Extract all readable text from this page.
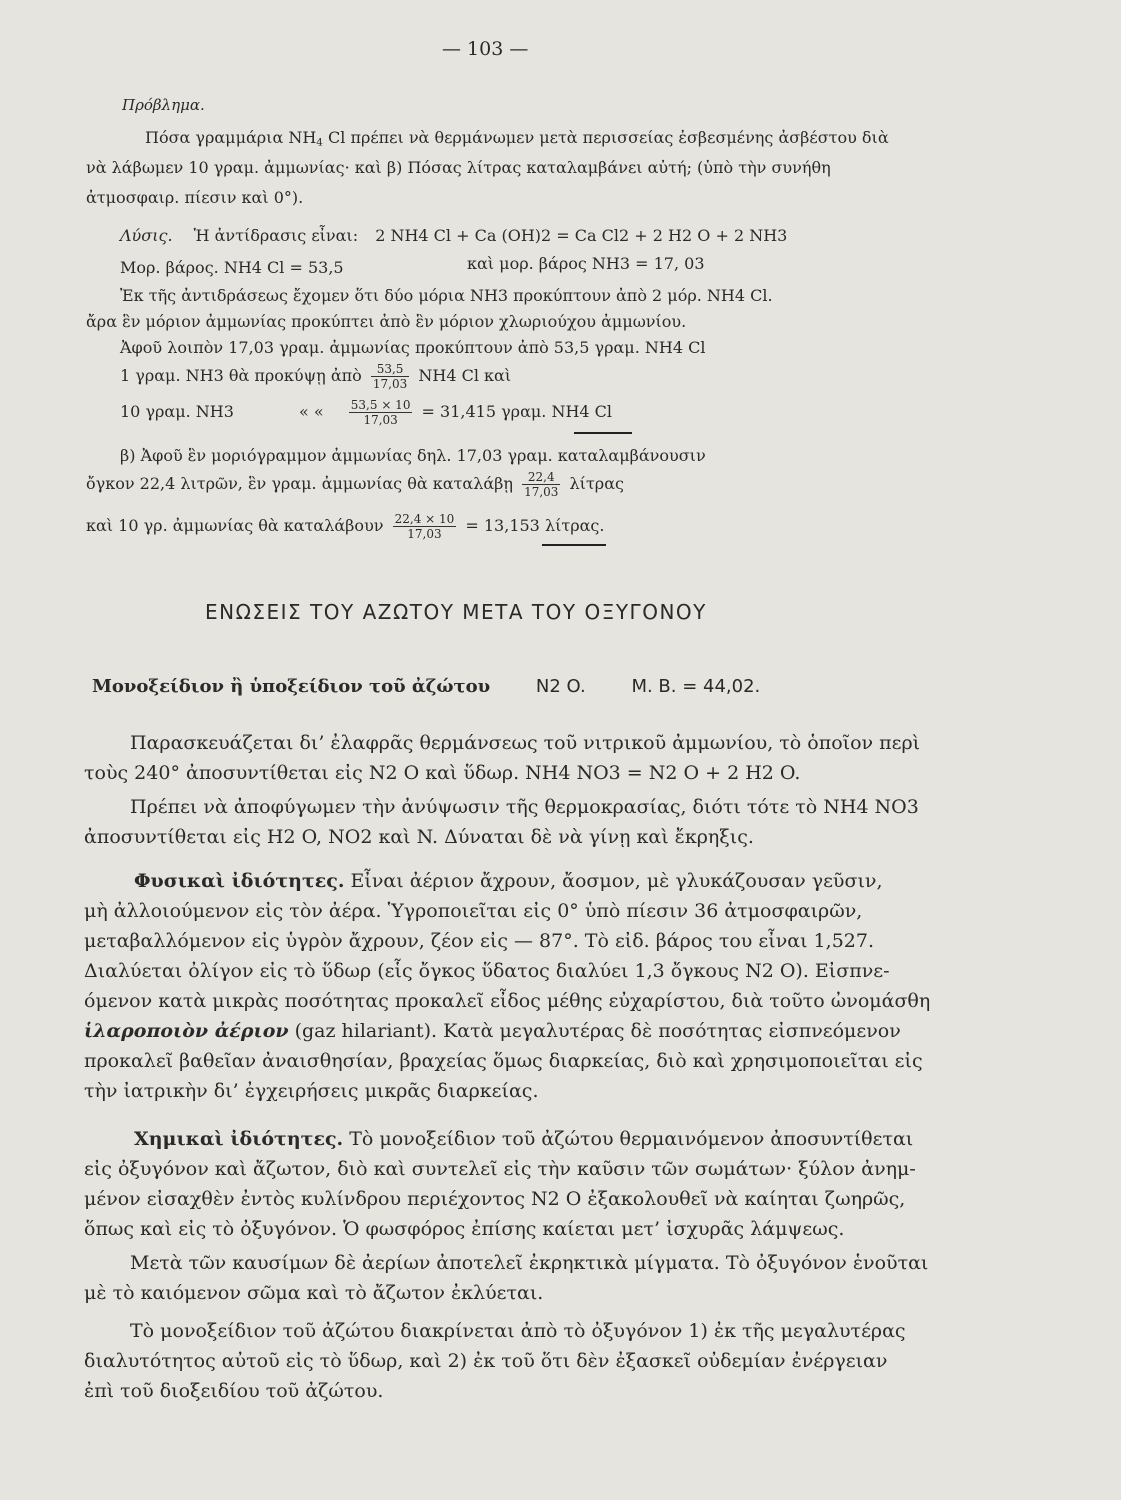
— 103 —
Πρόβλημα.
Πόσα γραμμάρια $NH_4$ Cl πρέπει νὰ θερμάνωμεν μετὰ περισσείας ἐσβεσμένης ἀσβέστου διὰ
νὰ λάβωμεν 10 γραμ. ἀμμωνίας· καὶ β) Πόσας λίτρας καταλαμβάνει αὐτή; (ὑπὸ τὴν συνήθη
ἀτμοσφαιρ. πίεσιν καὶ 0°).
Λύσις. Ἡ ἀντίδρασις εἶναι: 2 NH4 Cl + Ca (OH)2 = Ca Cl2 + 2 H2 O + 2 NH3
Μορ. βάρος. NH4 Cl = 53,5	καὶ μορ. βάρος NH3 = 17, 03
Ἐκ τῆς ἀντιδράσεως ἔχομεν ὅτι δύο μόρια NH3 προκύπτουν ἀπὸ 2 μόρ. NH4 Cl.
ἄρα ἓν μόριον ἀμμωνίας προκύπτει ἀπὸ ἓν μόριον χλωριούχου ἀμμωνίου.
Ἀφοῦ λοιπὸν 17,03 γραμ. ἀμμωνίας προκύπτουν ἀπὸ 53,5 γραμ. NH4 Cl
1 γραμ. NH3 θὰ προκύψῃ ἀπὸ $\frac{53,5}{17,03} NH4$ Cl καὶ
10 γραμ. NH3	« « $\frac{53,5 \times 10}{17,03} = 31,415$ γραμ. NH4 Cl
β) Ἀφοῦ ἓν μοριόγραμμον ἀμμωνίας δηλ. 17,03 γραμ. καταλαμβάνουσιν
ὄγκον 22,4 λιτρῶν, ἓν γραμ. ἀμμωνίας θὰ καταλάβῃ $\frac{22,4}{17,03}$ λίτρας
καὶ 10 γρ. ἀμμωνίας θὰ καταλάβουν $\frac{22,4 \times 10}{17,03} = 13,153$ λίτρας.
ΕΝΩΣΕΙΣ ΤΟΥ ΑΖΩΤΟΥ ΜΕΤΑ ΤΟΥ ΟΞΥΓΟΝΟΥ
Μονοξείδιον ἢ ὑποξείδιον τοῦ ἀζώτου	N2 O.	M. B. = 44,02.
Παρασκευάζεται δι’ ἐλαφρᾶς θερμάνσεως τοῦ νιτρικοῦ ἀμμωνίου, τὸ ὁποῖον περὶ
τοὺς 240° ἀποσυντίθεται εἰς N2 O καὶ ὕδωρ. NH4 NO3 = N2 O + 2 H2 O.
Πρέπει νὰ ἀποφύγωμεν τὴν ἀνύψωσιν τῆς θερμοκρασίας, διότι τότε τὸ NH4 NO3
ἀποσυντίθεται εἰς H2 O, NO2 καὶ N. Δύναται δὲ νὰ γίνῃ καὶ ἔκρηξις.
Φυσικαὶ ἰδιότητες. Εἶναι ἀέριον ἄχρουν, ἄοσμον, μὲ γλυκάζουσαν γεῦσιν,
μὴ ἀλλοιούμενον εἰς τὸν ἀέρα. Ὑγροποιεῖται εἰς 0° ὑπὸ πίεσιν 36 ἀτμοσφαιρῶν,
μεταβαλλόμενον εἰς ὑγρὸν ἄχρουν, ζέον εἰς — 87°. Τὸ εἰδ. βάρος του εἶναι 1,527.
Διαλύεται ὀλίγον εἰς τὸ ὕδωρ (εἷς ὄγκος ὕδατος διαλύει 1,3 ὄγκους N2 O). Εἰσπνε-
όμενον κατὰ μικρὰς ποσότητας προκαλεῖ εἶδος μέθης εὐχαρίστου, διὰ τοῦτο ὠνομάσθη
ἱλαροποιὸν ἀέριον (gaz hilariant). Κατὰ μεγαλυτέρας δὲ ποσότητας εἰσπνεόμενον
προκαλεῖ βαθεῖαν ἀναισθησίαν, βραχείας ὅμως διαρκείας, διὸ καὶ χρησιμοποιεῖται εἰς
τὴν ἰατρικὴν δι’ ἐγχειρήσεις μικρᾶς διαρκείας.
Χημικαὶ ἰδιότητες. Τὸ μονοξείδιον τοῦ ἀζώτου θερμαινόμενον ἀποσυντίθεται
εἰς ὀξυγόνον καὶ ἄζωτον, διὸ καὶ συντελεῖ εἰς τὴν καῦσιν τῶν σωμάτων· ξύλον ἀνημ-
μένον εἰσαχθὲν ἐντὸς κυλίνδρου περιέχοντος N2 O ἐξακολουθεῖ νὰ καίηται ζωηρῶς,
ὅπως καὶ εἰς τὸ ὀξυγόνον. Ὁ φωσφόρος ἐπίσης καίεται μετ’ ἰσχυρᾶς λάμψεως.
Μετὰ τῶν καυσίμων δὲ ἀερίων ἀποτελεῖ ἐκρηκτικὰ μίγματα. Τὸ ὀξυγόνον ἑνοῦται
μὲ τὸ καιόμενον σῶμα καὶ τὸ ἄζωτον ἐκλύεται.
Τὸ μονοξείδιον τοῦ ἀζώτου διακρίνεται ἀπὸ τὸ ὀξυγόνον 1) ἐκ τῆς μεγαλυτέρας
διαλυτότητος αὐτοῦ εἰς τὸ ὕδωρ, καὶ 2) ἐκ τοῦ ὅτι δὲν ἐξασκεῖ οὐδεμίαν ἐνέργειαν
ἐπὶ τοῦ διοξειδίου τοῦ ἀζώτου.
